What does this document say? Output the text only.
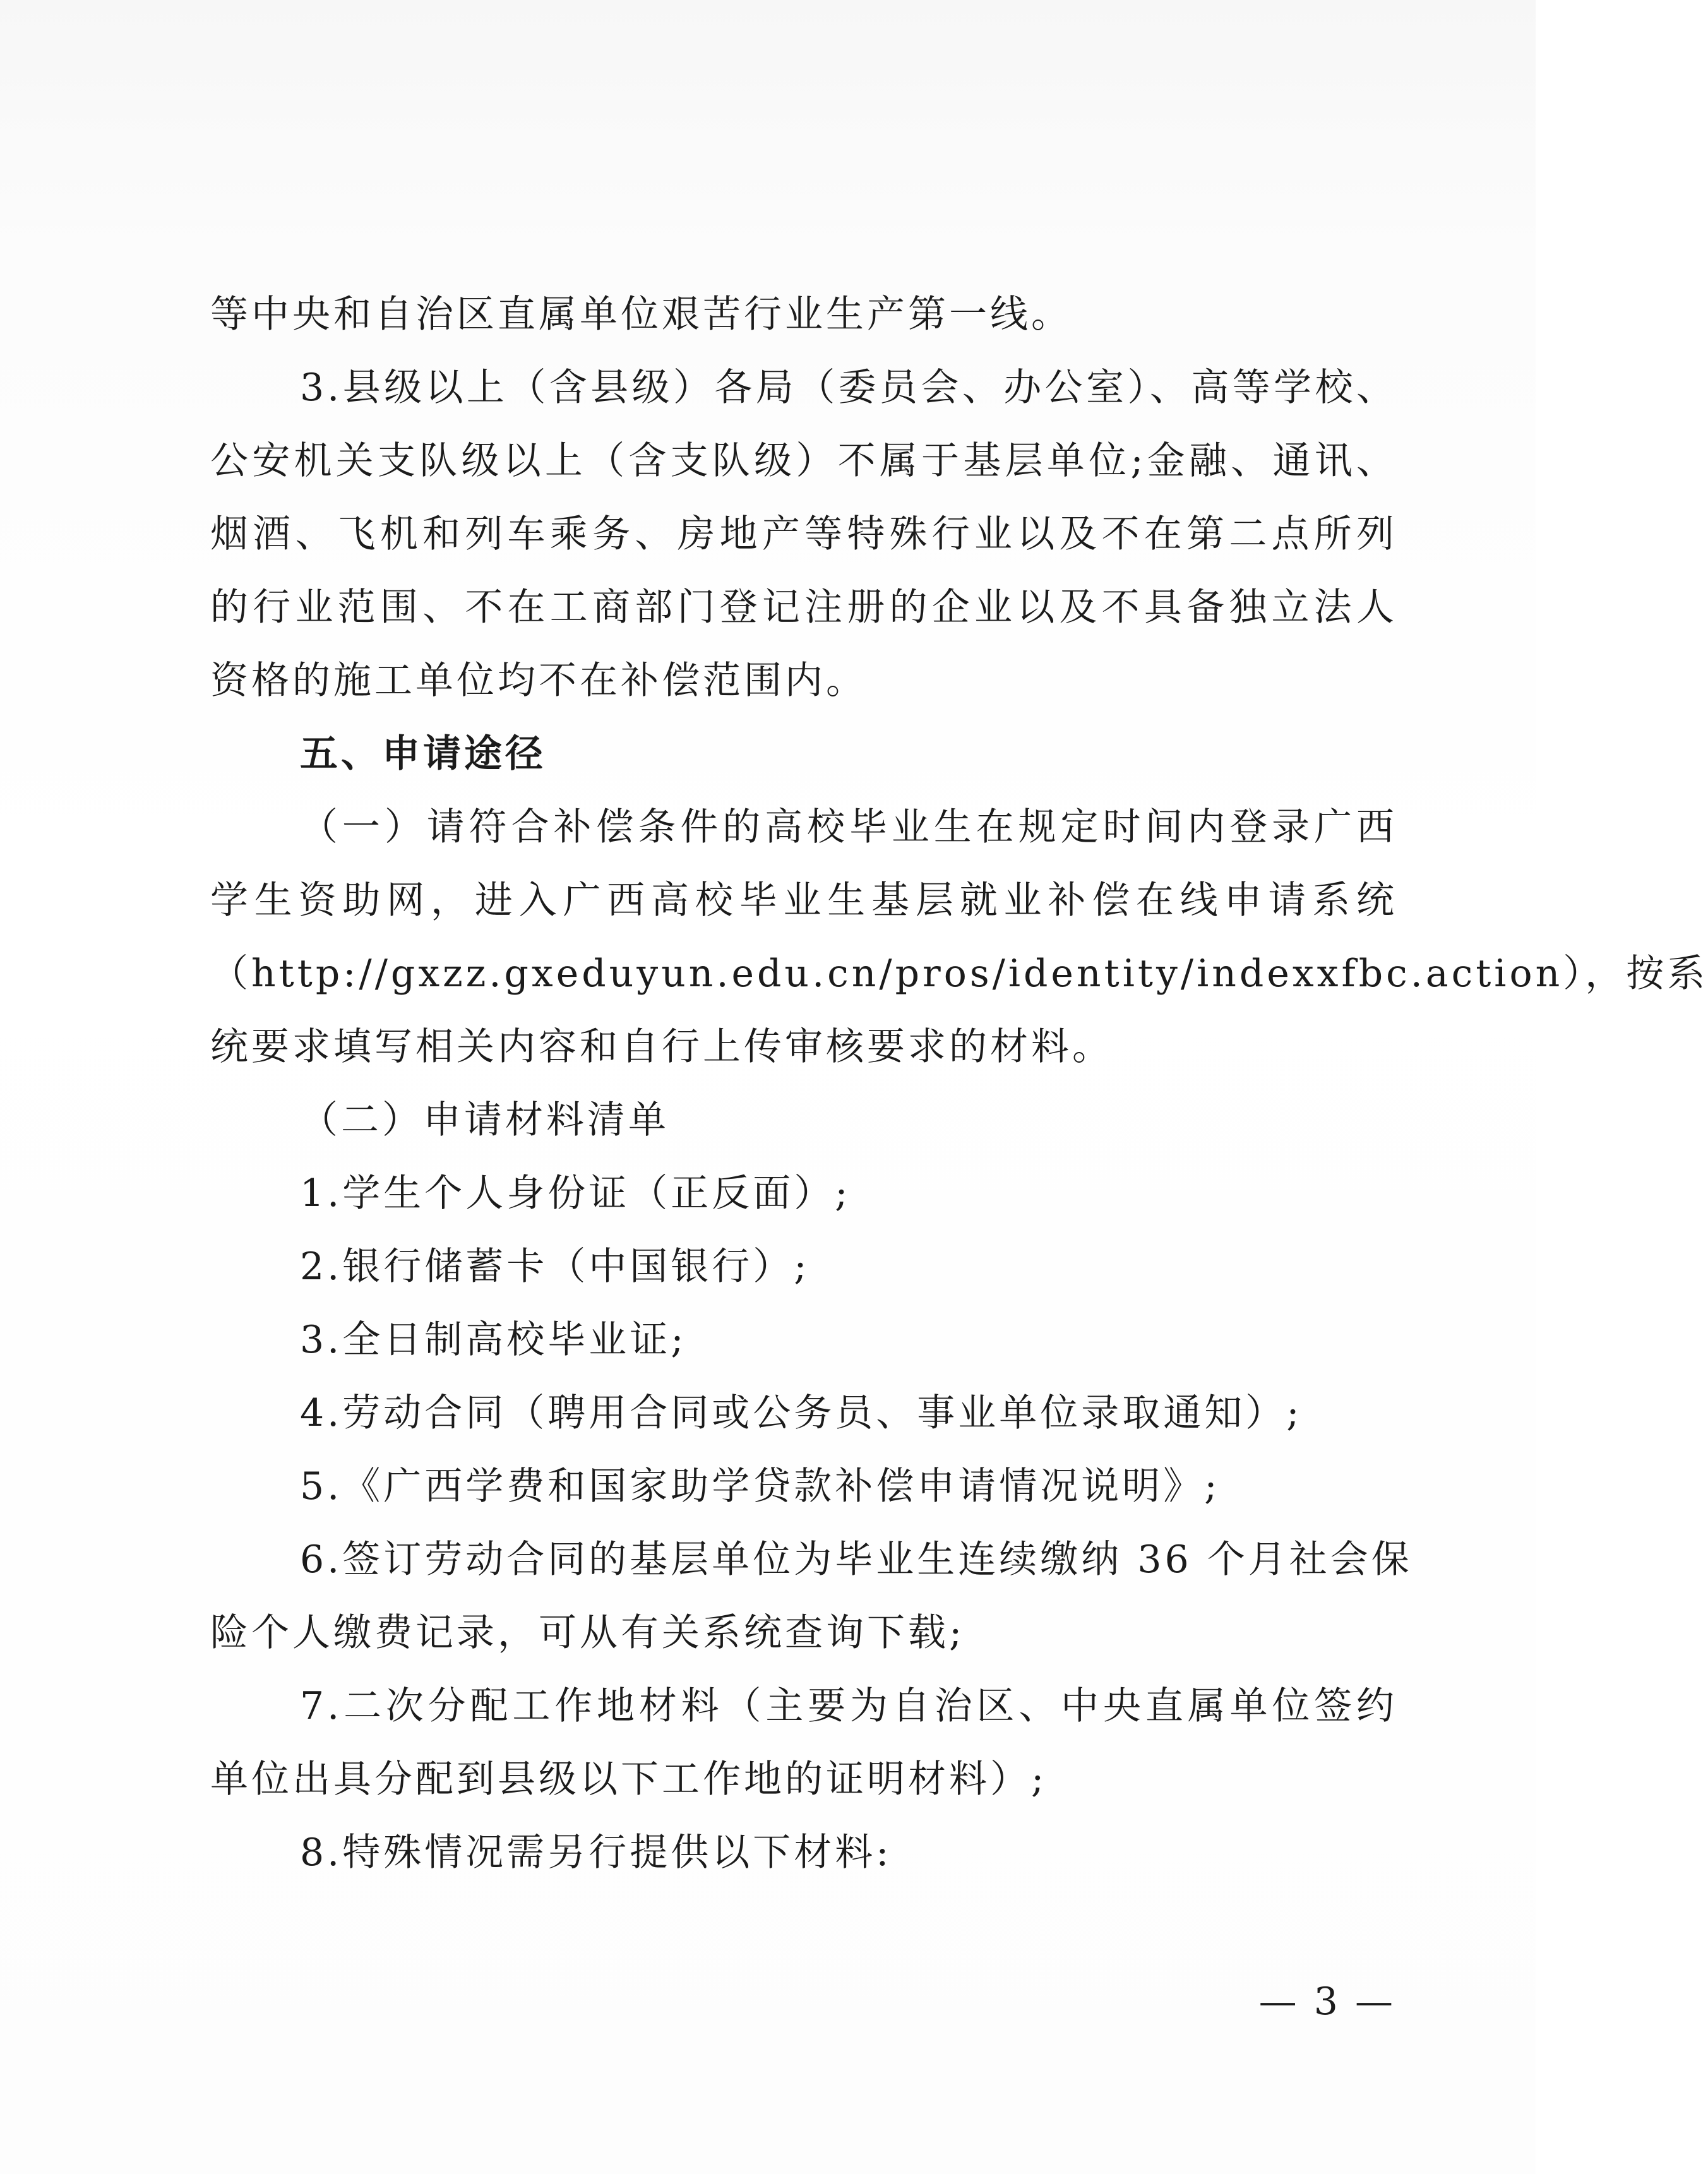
等中央和自治区直属单位艰苦行业生产第一线。
3.县级以上（含县级）各局（委员会、办公室）、高等学校、
公安机关支队级以上（含支队级）不属于基层单位;金融、通讯、
烟酒、飞机和列车乘务、房地产等特殊行业以及不在第二点所列
的行业范围、不在工商部门登记注册的企业以及不具备独立法人
资格的施工单位均不在补偿范围内。
五、申请途径
（一）请符合补偿条件的高校毕业生在规定时间内登录广西
学生资助网，进入广西高校毕业生基层就业补偿在线申请系统
（http://gxzz.gxeduyun.edu.cn/pros/identity/indexxfbc.action），按系
统要求填写相关内容和自行上传审核要求的材料。
（二）申请材料清单
1.学生个人身份证（正反面）;
2.银行储蓄卡（中国银行）;
3.全日制高校毕业证;
4.劳动合同（聘用合同或公务员、事业单位录取通知）;
5.《广西学费和国家助学贷款补偿申请情况说明》;
6.签订劳动合同的基层单位为毕业生连续缴纳 36 个月社会保
险个人缴费记录，可从有关系统查询下载;
7.二次分配工作地材料（主要为自治区、中央直属单位签约
单位出具分配到县级以下工作地的证明材料）;
8.特殊情况需另行提供以下材料:
— 3 —
